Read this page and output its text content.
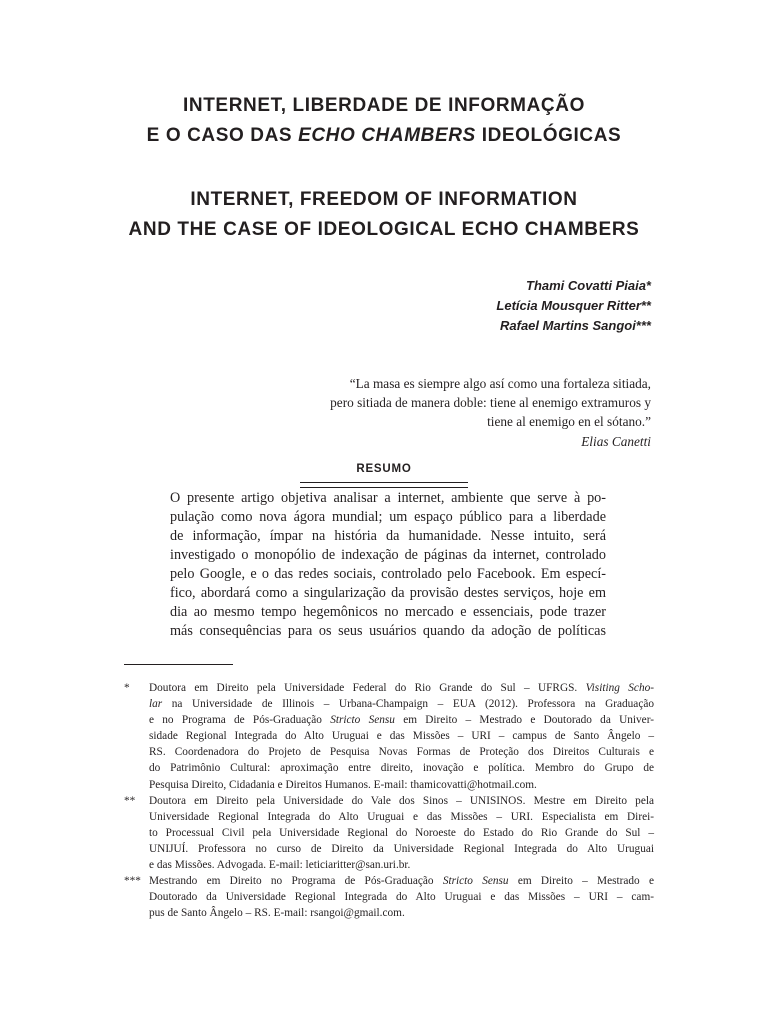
INTERNET, LIBERDADE DE INFORMAÇÃO
E O CASO DAS ECHO CHAMBERS IDEOLÓGICAS
INTERNET, FREEDOM OF INFORMATION
AND THE CASE OF IDEOLOGICAL ECHO CHAMBERS
Thami Covatti Piaia*
Letícia Mousquer Ritter**
Rafael Martins Sangoi***
“La masa es siempre algo así como una fortaleza sitiada,
pero sitiada de manera doble: tiene al enemigo extramuros y
tiene al enemigo en el sótano.”
Elias Canetti
RESUMO
O presente artigo objetiva analisar a internet, ambiente que serve à po-
pulação como nova ágora mundial; um espaço público para a liberdade
de informação, ímpar na história da humanidade. Nesse intuito, será
investigado o monopólio de indexação de páginas da internet, controlado
pelo Google, e o das redes sociais, controlado pelo Facebook. Em especí-
fico, abordará como a singularização da provisão destes serviços, hoje em
dia ao mesmo tempo hegemônicos no mercado e essenciais, pode trazer
más consequências para os seus usuários quando da adoção de políticas
* Doutora em Direito pela Universidade Federal do Rio Grande do Sul – UFRGS. Visiting Scho-
lar na Universidade de Illinois – Urbana-Champaign – EUA (2012). Professora na Graduação
e no Programa de Pós-Graduação Stricto Sensu em Direito – Mestrado e Doutorado da Univer-
sidade Regional Integrada do Alto Uruguai e das Missões – URI – campus de Santo Ângelo –
RS. Coordenadora do Projeto de Pesquisa Novas Formas de Proteção dos Direitos Culturais e
do Patrimônio Cultural: aproximação entre direito, inovação e política. Membro do Grupo de
Pesquisa Direito, Cidadania e Direitos Humanos. E-mail: thamicovatti@hotmail.com.
** Doutora em Direito pela Universidade do Vale dos Sinos – UNISINOS. Mestre em Direito pela
Universidade Regional Integrada do Alto Uruguai e das Missões – URI. Especialista em Direi-
to Processual Civil pela Universidade Regional do Noroeste do Estado do Rio Grande do Sul –
UNIJUÍ. Professora no curso de Direito da Universidade Regional Integrada do Alto Uruguai
e das Missões. Advogada. E-mail: leticiaritter@san.uri.br.
*** Mestrando em Direito no Programa de Pós-Graduação Stricto Sensu em Direito – Mestrado e
Doutorado da Universidade Regional Integrada do Alto Uruguai e das Missões – URI – cam-
pus de Santo Ângelo – RS. E-mail: rsangoi@gmail.com.
